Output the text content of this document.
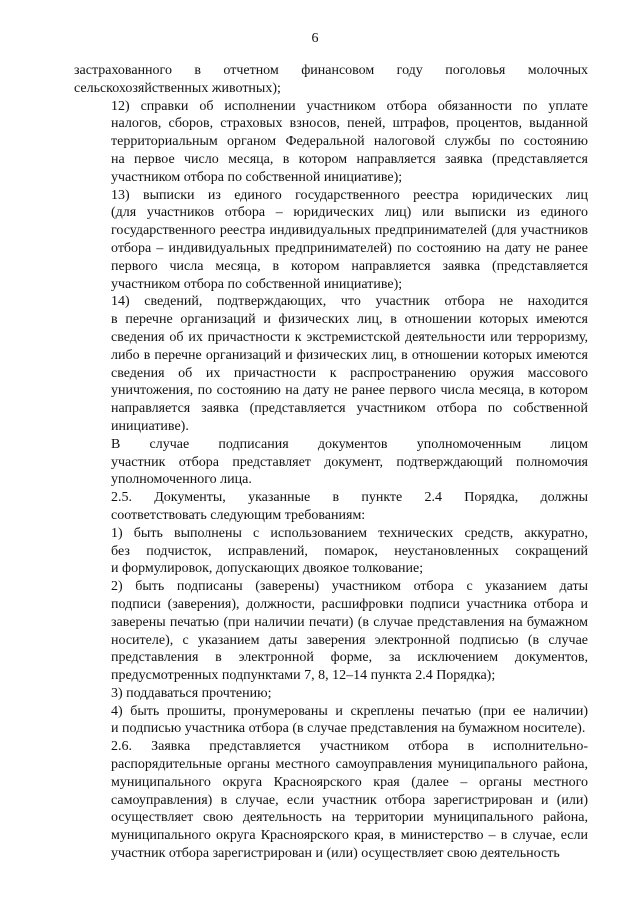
6

застрахованного в отчетном финансовом году поголовья молочных
сельскохозяйственных животных);

12) справки об исполнении участником отбора обязанности по уплате
налогов, сборов, страховых взносов, пеней, штрафов, процентов, выданной
территориальным органом Федеральной налоговой службы по состоянию
на первое число месяца, в котором направляется заявка (представляется
участником отбора по собственной инициативе);

13) выписки из единого государственного реестра юридических лиц
(для участников отбора – юридических лиц) или выписки из единого
государственного реестра индивидуальных предпринимателей (для участников
отбора – индивидуальных предпринимателей) по состоянию на дату не ранее
первого числа месяца, в котором направляется заявка (представляется
участником отбора по собственной инициативе);

14) сведений, подтверждающих, что участник отбора не находится
в перечне организаций и физических лиц, в отношении которых имеются
сведения об их причастности к экстремистской деятельности или терроризму,
либо в перечне организаций и физических лиц, в отношении которых имеются
сведения об их причастности к распространению оружия массового
уничтожения, по состоянию на дату не ранее первого числа месяца, в котором
направляется заявка (представляется участником отбора по собственной
инициативе).

В случае подписания документов уполномоченным лицом
участник отбора представляет документ, подтверждающий полномочия
уполномоченного лица.

2.5. Документы, указанные в пункте 2.4 Порядка, должны
соответствовать следующим требованиям:

1) быть выполнены с использованием технических средств, аккуратно,
без подчисток, исправлений, помарок, неустановленных сокращений
и формулировок, допускающих двоякое толкование;

2) быть подписаны (заверены) участником отбора с указанием даты
подписи (заверения), должности, расшифровки подписи участника отбора и
заверены печатью (при наличии печати) (в случае представления на бумажном
носителе), с указанием даты заверения электронной подписью (в случае
представления в электронной форме, за исключением документов,
предусмотренных подпунктами 7, 8, 12–14 пункта 2.4 Порядка);

3) поддаваться прочтению;

4) быть прошиты, пронумерованы и скреплены печатью (при ее наличии)
и подписью участника отбора (в случае представления на бумажном носителе).

2.6. Заявка представляется участником отбора в исполнительно-
распорядительные органы местного самоуправления муниципального района,
муниципального округа Красноярского края (далее – органы местного
самоуправления) в случае, если участник отбора зарегистрирован и (или)
осуществляет свою деятельность на территории муниципального района,
муниципального округа Красноярского края, в министерство – в случае, если
участник отбора зарегистрирован и (или) осуществляет свою деятельность
